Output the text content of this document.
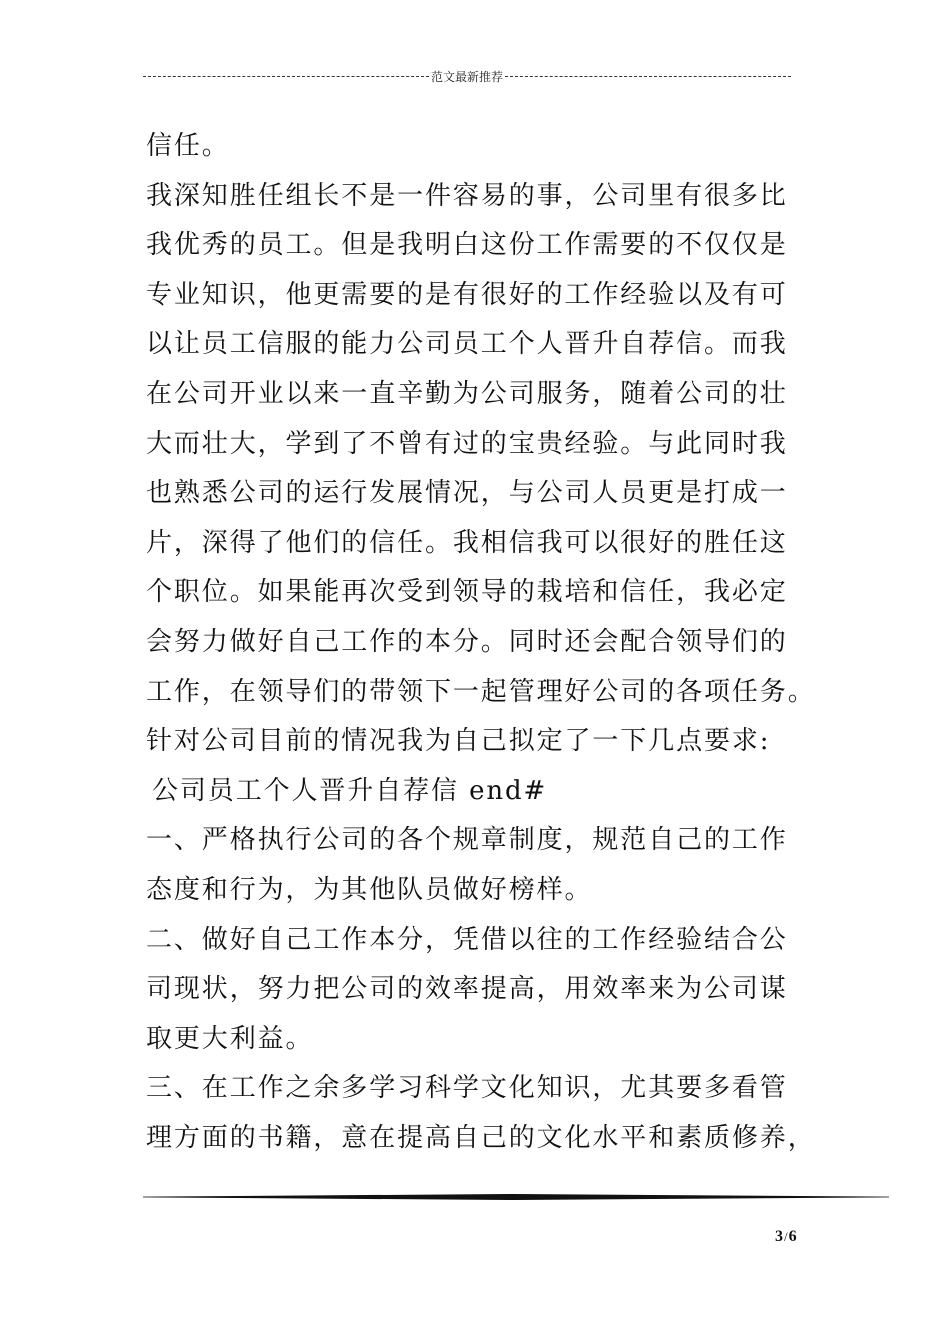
范文最新推荐
信任。
我深知胜任组长不是一件容易的事，公司里有很多比
我优秀的员工。但是我明白这份工作需要的不仅仅是
专业知识，他更需要的是有很好的工作经验以及有可
以让员工信服的能力公司员工个人晋升自荐信。而我
在公司开业以来一直辛勤为公司服务，随着公司的壮
大而壮大，学到了不曾有过的宝贵经验。与此同时我
也熟悉公司的运行发展情况，与公司人员更是打成一
片，深得了他们的信任。我相信我可以很好的胜任这
个职位。如果能再次受到领导的栽培和信任，我必定
会努力做好自己工作的本分。同时还会配合领导们的
工作，在领导们的带领下一起管理好公司的各项任务。
针对公司目前的情况我为自己拟定了一下几点要求:
公司员工个人晋升自荐信 end#
一、严格执行公司的各个规章制度，规范自己的工作
态度和行为，为其他队员做好榜样。
二、做好自己工作本分，凭借以往的工作经验结合公
司现状，努力把公司的效率提高，用效率来为公司谋
取更大利益。
三、在工作之余多学习科学文化知识，尤其要多看管
理方面的书籍，意在提高自己的文化水平和素质修养，
3/6
